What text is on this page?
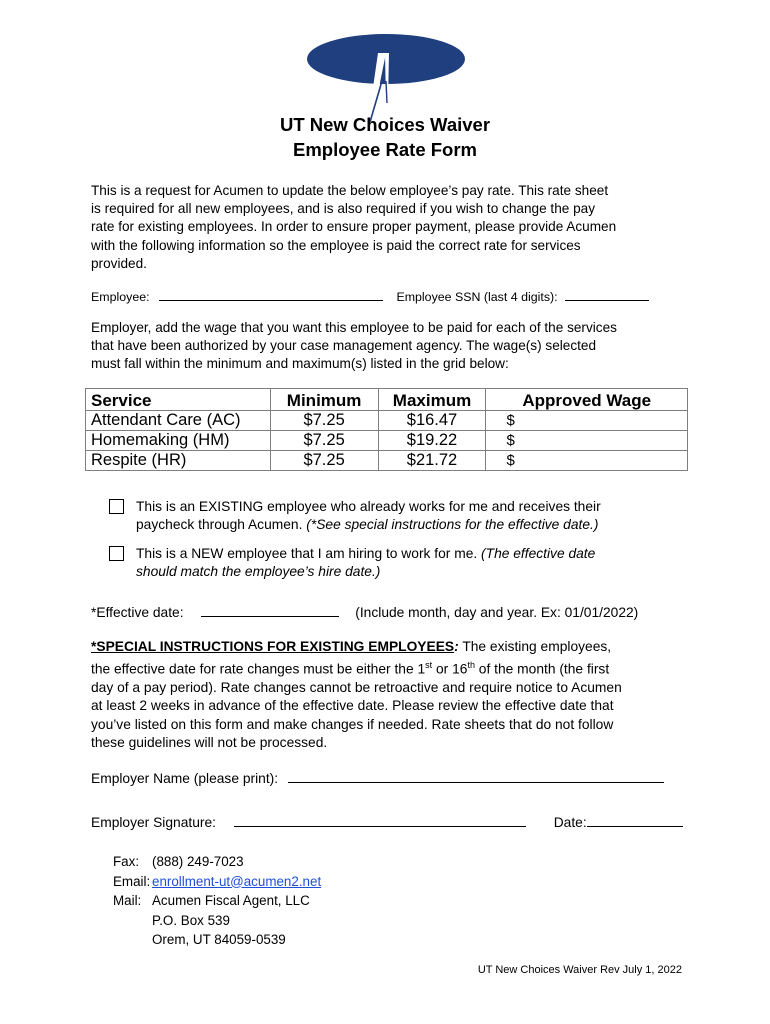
UT New Choices Waiver
Employee Rate Form
This is a request for Acumen to update the below employee’s pay rate. This rate sheet
is required for all new employees, and is also required if you wish to change the pay
rate for existing employees. In order to ensure proper payment, please provide Acumen
with the following information so the employee is paid the correct rate for services
provided.
Employee:	Employee SSN (last 4 digits):
Employer, add the wage that you want this employee to be paid for each of the services
that have been authorized by your case management agency. The wage(s) selected
must fall within the minimum and maximum(s) listed in the grid below:
Service	Minimum	Maximum	Approved Wage
Attendant Care (AC)	$7.25	$16.47	$
Homemaking (HM)	$7.25	$19.22	$
Respite (HR)	$7.25	$21.72	$
This is an EXISTING employee who already works for me and receives their
paycheck through Acumen. (*See special instructions for the effective date.)
This is a NEW employee that I am hiring to work for me. (The effective date
should match the employee’s hire date.)
*Effective date:	(Include month, day and year. Ex: 01/01/2022)
*SPECIAL INSTRUCTIONS FOR EXISTING EMPLOYEES: The existing employees,
the effective date for rate changes must be either the 1st or 16th of the month (the first
day of a pay period). Rate changes cannot be retroactive and require notice to Acumen
at least 2 weeks in advance of the effective date. Please review the effective date that
you’ve listed on this form and make changes if needed. Rate sheets that do not follow
these guidelines will not be processed.
Employer Name (please print):
Employer Signature:	Date:
Fax: (888) 249-7023
Email: enrollment-ut@acumen2.net
Mail: Acumen Fiscal Agent, LLC
P.O. Box 539
Orem, UT 84059-0539
UT New Choices Waiver Rev July 1, 2022
